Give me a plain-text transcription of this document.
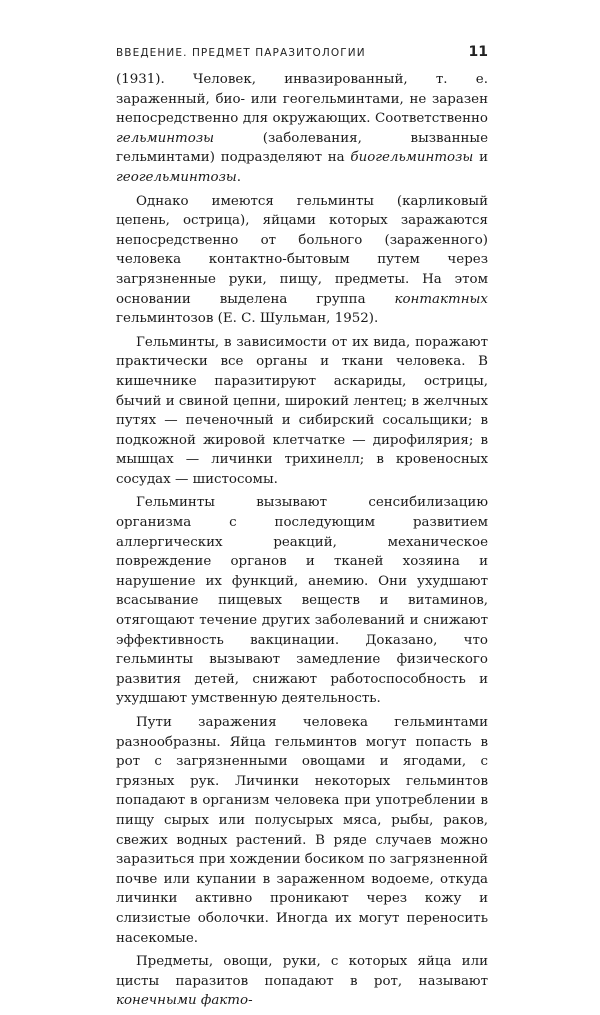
ВВЕДЕНИЕ. ПРЕДМЕТ ПАРАЗИТОЛОГИИ	11

(1931). Человек, инвазированный, т. е. зараженный, био- или геогельминтами, не заразен непосредственно для окружающих. Соответственно гельминтозы (заболевания, вызванные гельминтами) подразделяют на биогельминтозы и геогельминтозы.

Однако имеются гельминты (карликовый цепень, острица), яйцами которых заражаются непосредственно от больного (зараженного) человека контактно-бытовым путем через загрязненные руки, пищу, предметы. На этом основании выделена группа контактных гельминтозов (Е. С. Шульман, 1952).

Гельминты, в зависимости от их вида, поражают практически все органы и ткани человека. В кишечнике паразитируют аскариды, острицы, бычий и свиной цепни, широкий лентец; в желчных путях — печеночный и сибирский сосальщики; в подкожной жировой клетчатке — дирофилярия; в мышцах — личинки трихинелл; в кровеносных сосудах — шистосомы.

Гельминты вызывают сенсибилизацию организма с последующим развитием аллергических реакций, механическое повреждение органов и тканей хозяина и нарушение их функций, анемию. Они ухудшают всасывание пищевых веществ и витаминов, отягощают течение других заболеваний и снижают эффективность вакцинации. Доказано, что гельминты вызывают замедление физического развития детей, снижают работоспособность и ухудшают умственную деятельность.

Пути заражения человека гельминтами разнообразны. Яйца гельминтов могут попасть в рот с загрязненными овощами и ягодами, с грязных рук. Личинки некоторых гельминтов попадают в организм человека при употреблении в пищу сырых или полусырых мяса, рыбы, раков, свежих водных растений. В ряде случаев можно заразиться при хождении босиком по загрязненной почве или купании в зараженном водоеме, откуда личинки активно проникают через кожу и слизистые оболочки. Иногда их могут переносить насекомые.

Предметы, овощи, руки, с которых яйца или цисты паразитов попадают в рот, называют конечными факто-
